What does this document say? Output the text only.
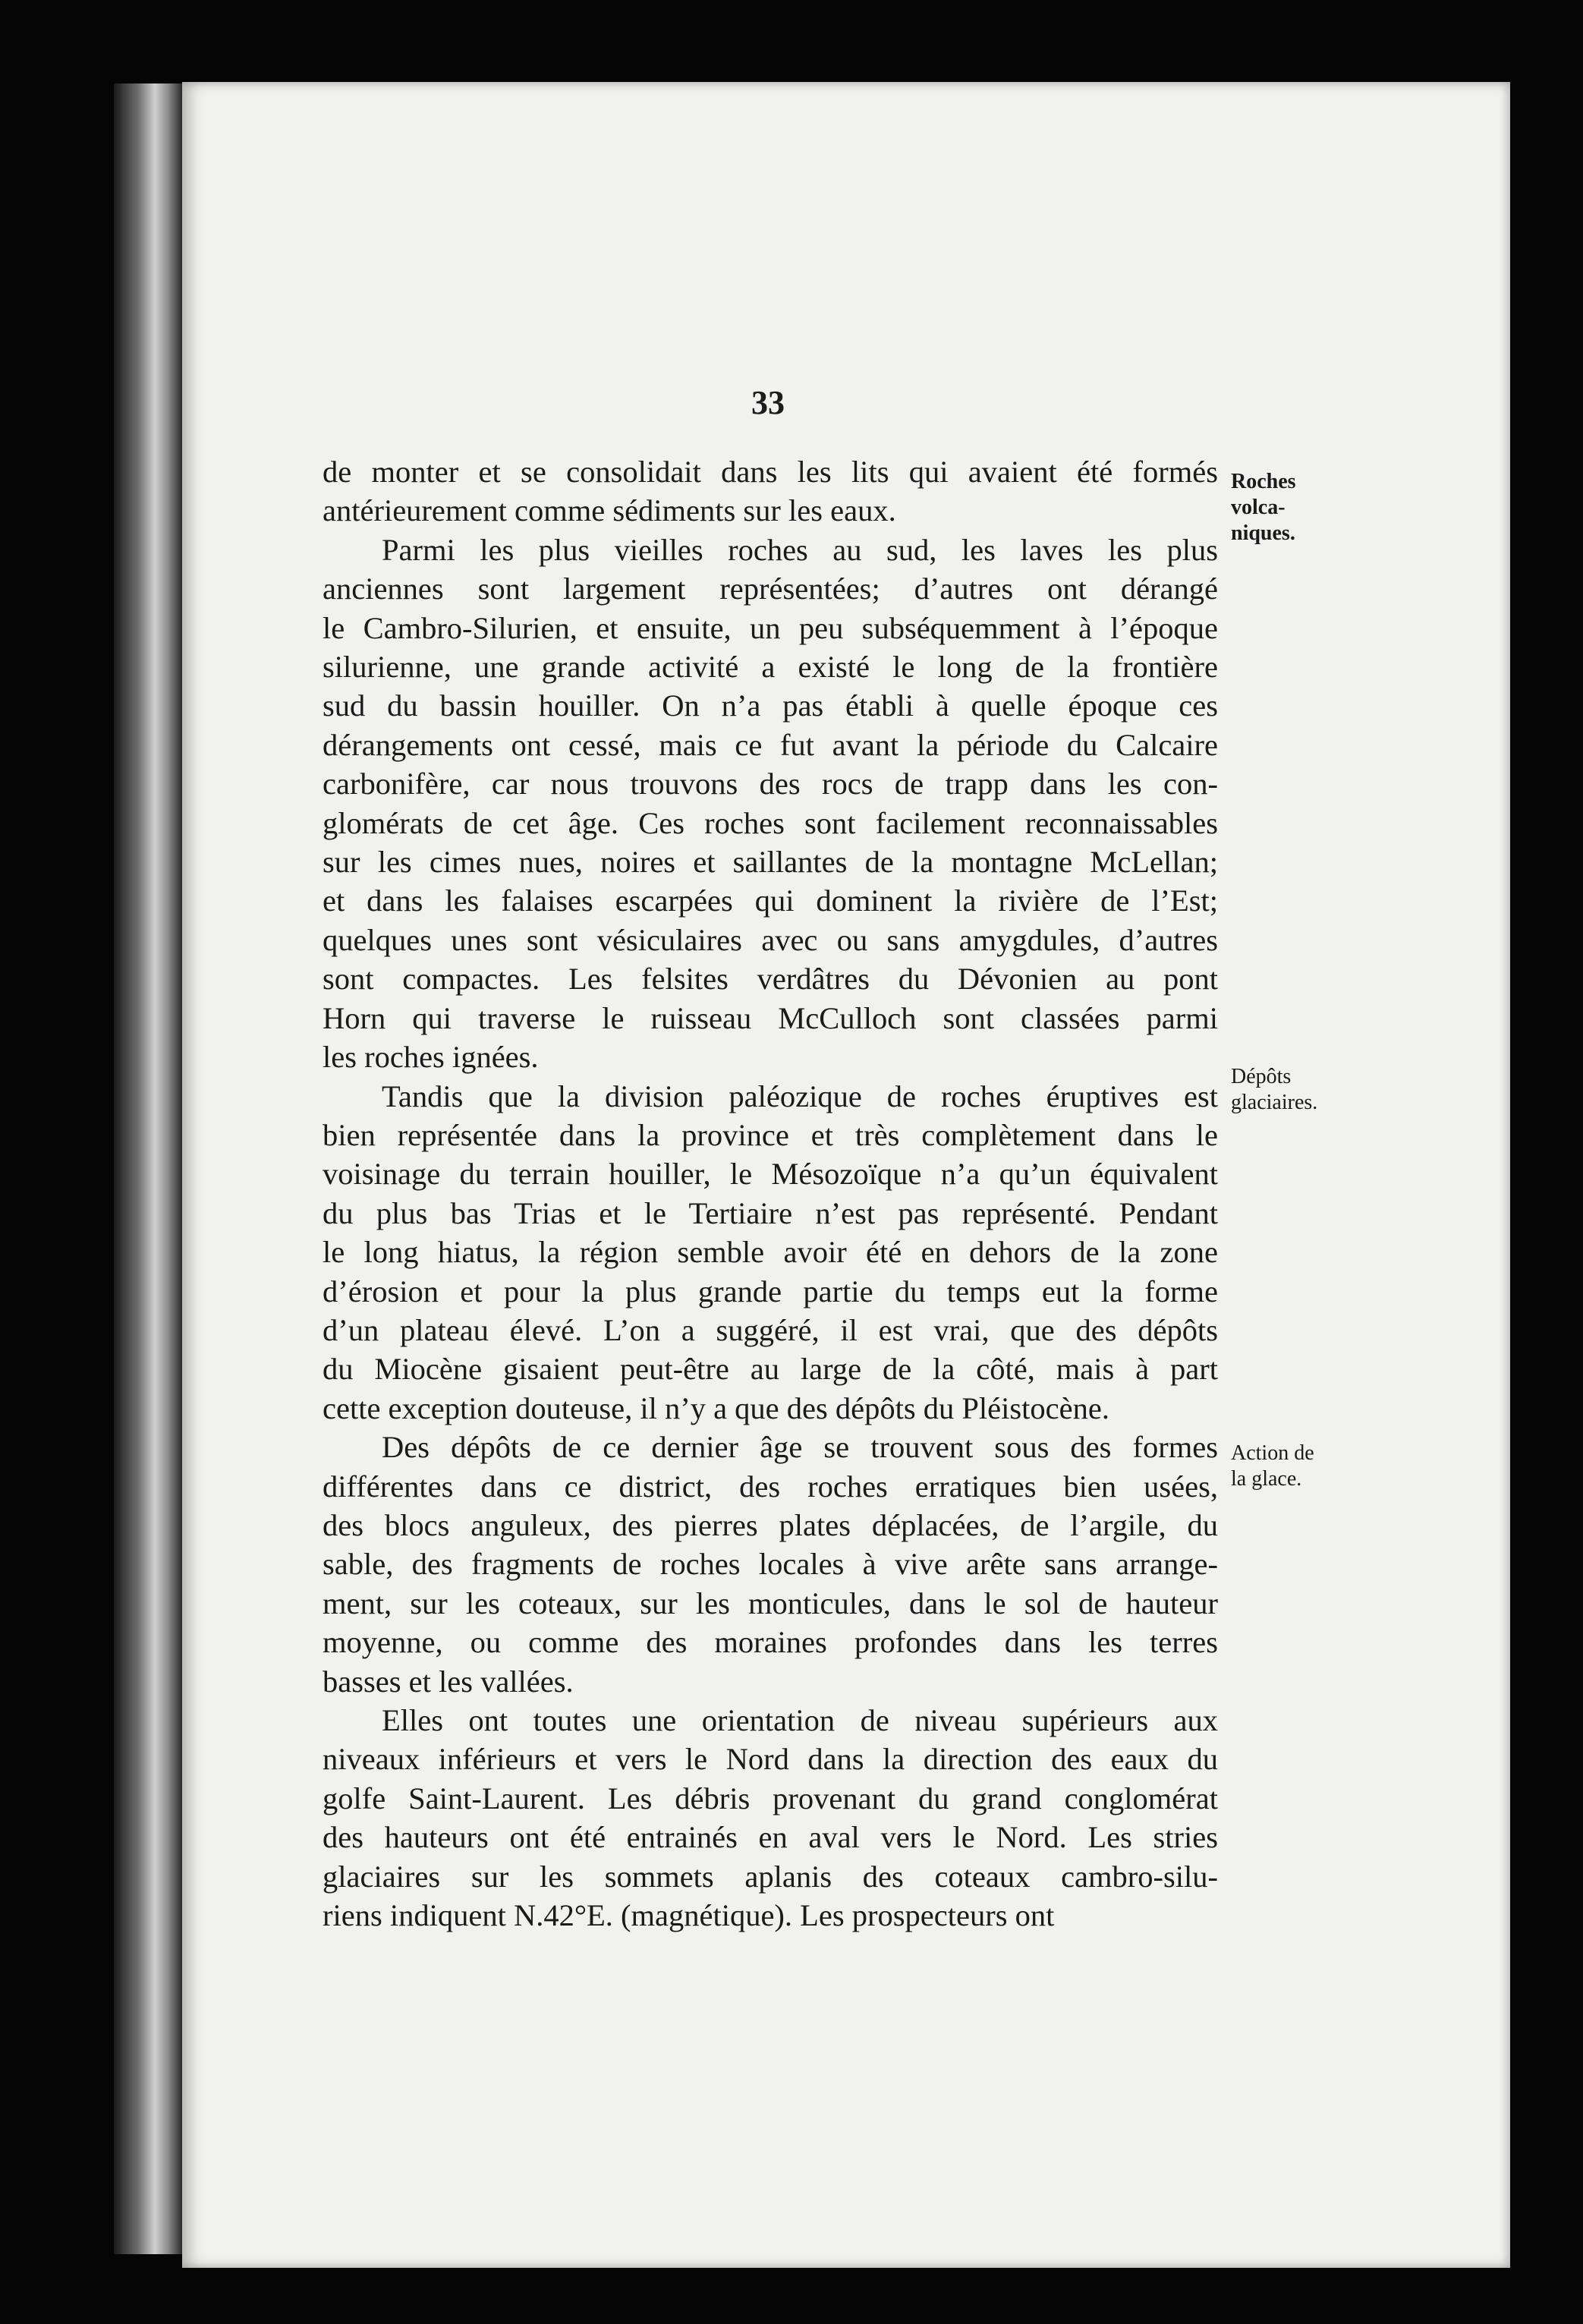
33

de monter et se consolidait dans les lits qui avaient été formés
antérieurement comme sédiments sur les eaux.

Parmi les plus vieilles roches au sud, les laves les plus
anciennes sont largement représentées; d’autres ont dérangé
le Cambro-Silurien, et ensuite, un peu subséquemment à l’époque
silurienne, une grande activité a existé le long de la frontière
sud du bassin houiller. On n’a pas établi à quelle époque ces
dérangements ont cessé, mais ce fut avant la période du Calcaire
carbonifère, car nous trouvons des rocs de trapp dans les con-
glomérats de cet âge. Ces roches sont facilement reconnaissables
sur les cimes nues, noires et saillantes de la montagne McLellan;
et dans les falaises escarpées qui dominent la rivière de l’Est;
quelques unes sont vésiculaires avec ou sans amygdules, d’autres
sont compactes. Les felsites verdâtres du Dévonien au pont
Horn qui traverse le ruisseau McCulloch sont classées parmi
les roches ignées.

Tandis que la division paléozique de roches éruptives est
bien représentée dans la province et très complètement dans le
voisinage du terrain houiller, le Mésozoïque n’a qu’un équivalent
du plus bas Trias et le Tertiaire n’est pas représenté. Pendant
le long hiatus, la région semble avoir été en dehors de la zone
d’érosion et pour la plus grande partie du temps eut la forme
d’un plateau élevé. L’on a suggéré, il est vrai, que des dépôts
du Miocène gisaient peut-être au large de la côté, mais à part
cette exception douteuse, il n’y a que des dépôts du Pléistocène.

Des dépôts de ce dernier âge se trouvent sous des formes
différentes dans ce district, des roches erratiques bien usées,
des blocs anguleux, des pierres plates déplacées, de l’argile, du
sable, des fragments de roches locales à vive arête sans arrange-
ment, sur les coteaux, sur les monticules, dans le sol de hauteur
moyenne, ou comme des moraines profondes dans les terres
basses et les vallées.

Elles ont toutes une orientation de niveau supérieurs aux
niveaux inférieurs et vers le Nord dans la direction des eaux du
golfe Saint-Laurent. Les débris provenant du grand conglomérat
des hauteurs ont été entrainés en aval vers le Nord. Les stries
glaciaires sur les sommets aplanis des coteaux cambro-silu-
riens indiquent N.42°E. (magnétique). Les prospecteurs ont

Roches
volca-
niques.
Dépôts
glaciaires.
Action de
la glace.
